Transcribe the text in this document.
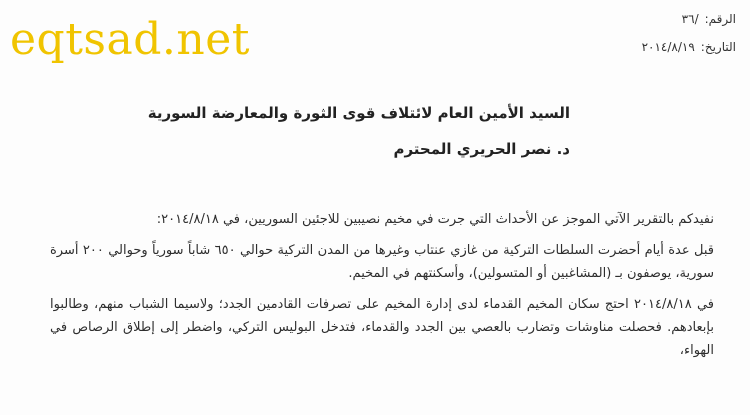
eqtsad.net	الرقم:/٣٦
التاريخ:٢٠١٤/٨/١٩
السيد الأمين العام لائتلاف قوى الثورة والمعارضة السورية
د. نصر الحريري المحترم

نفيدكم بالتقرير الآتي الموجز عن الأحداث التي جرت في مخيم نصيبين للاجئين السوريين، في ٢٠١٤/٨/١٨:

قبل عدة أيام أحضرت السلطات التركية من غازي عنتاب وغيرها من المدن التركية حوالي ٦٥٠ شاباً سورياً وحوالي ٢٠٠ أسرة سورية، يوصفون بـ (المشاغبين أو المتسولين)، وأسكنتهم في المخيم.

في ٢٠١٤/٨/١٨ احتج سكان المخيم القدماء لدى إدارة المخيم على تصرفات القادمين الجدد؛ ولاسيما الشباب منهم، وطالبوا بإبعادهم. فحصلت مناوشات وتضارب بالعصي بين الجدد والقدماء، فتدخل البوليس التركي، واضطر إلى إطلاق الرصاص في الهواء،
